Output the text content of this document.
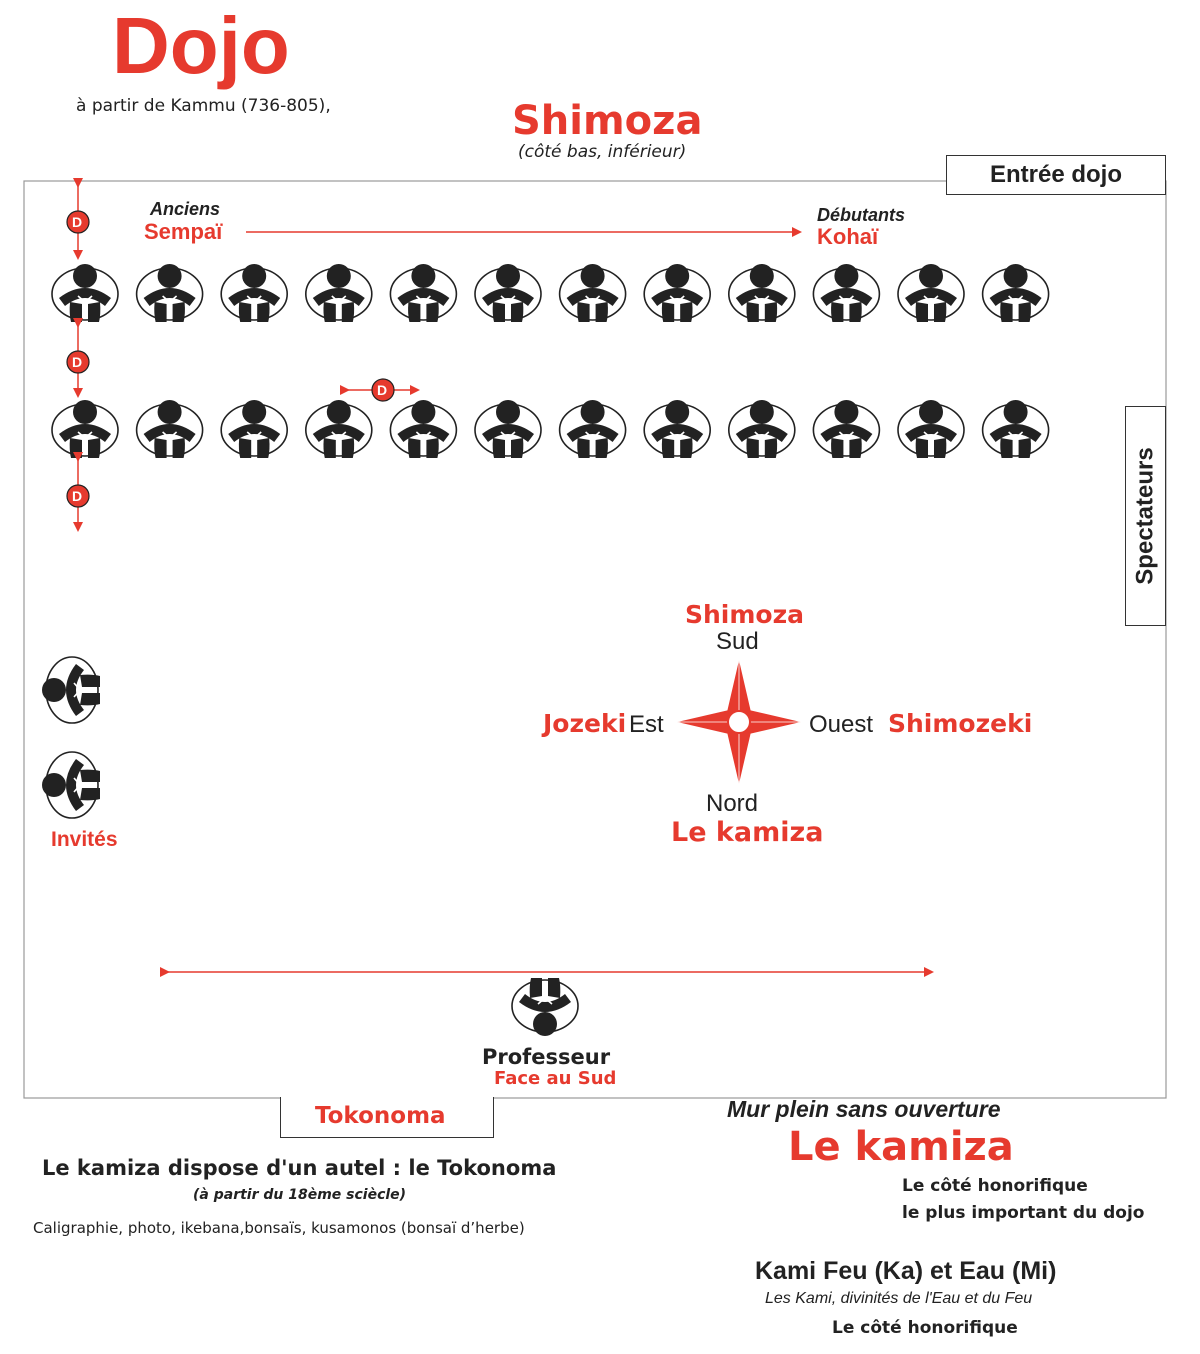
Dojo
à partir de Kammu (736-805),	Shimoza
(côté bas, inférieur)
D
D
D
D
Entrée dojo
Spectateurs
Anciens
Sempaï
Débutants
Kohaï
Invités
Shimoza
Sud
Jozeki Est	Ouest Shimozeki
Nord
Le kamiza
Professeur
Face au Sud
Tokonoma
Le kamiza dispose d'un autel : le Tokonoma
(à partir du 18ème sciècle)
Caligraphie, photo, ikebana,bonsaïs, kusamonos (bonsaï d’herbe)
Mur plein sans ouverture
Le kamiza
Le côté honorifique
le plus important du dojo
Kami Feu (Ka) et Eau (Mi)
Les Kami, divinités de l'Eau et du Feu
Le côté honorifique
